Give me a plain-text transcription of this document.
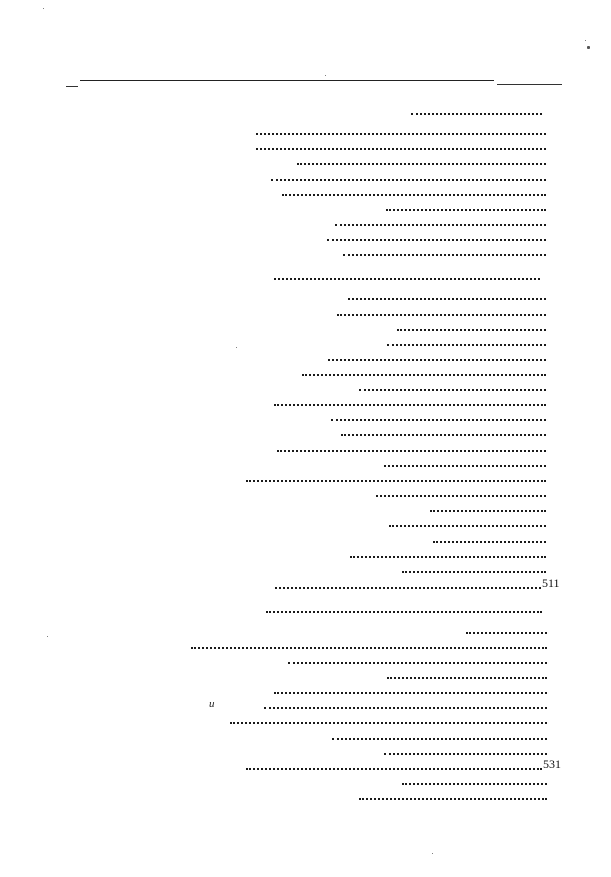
511
и
531
